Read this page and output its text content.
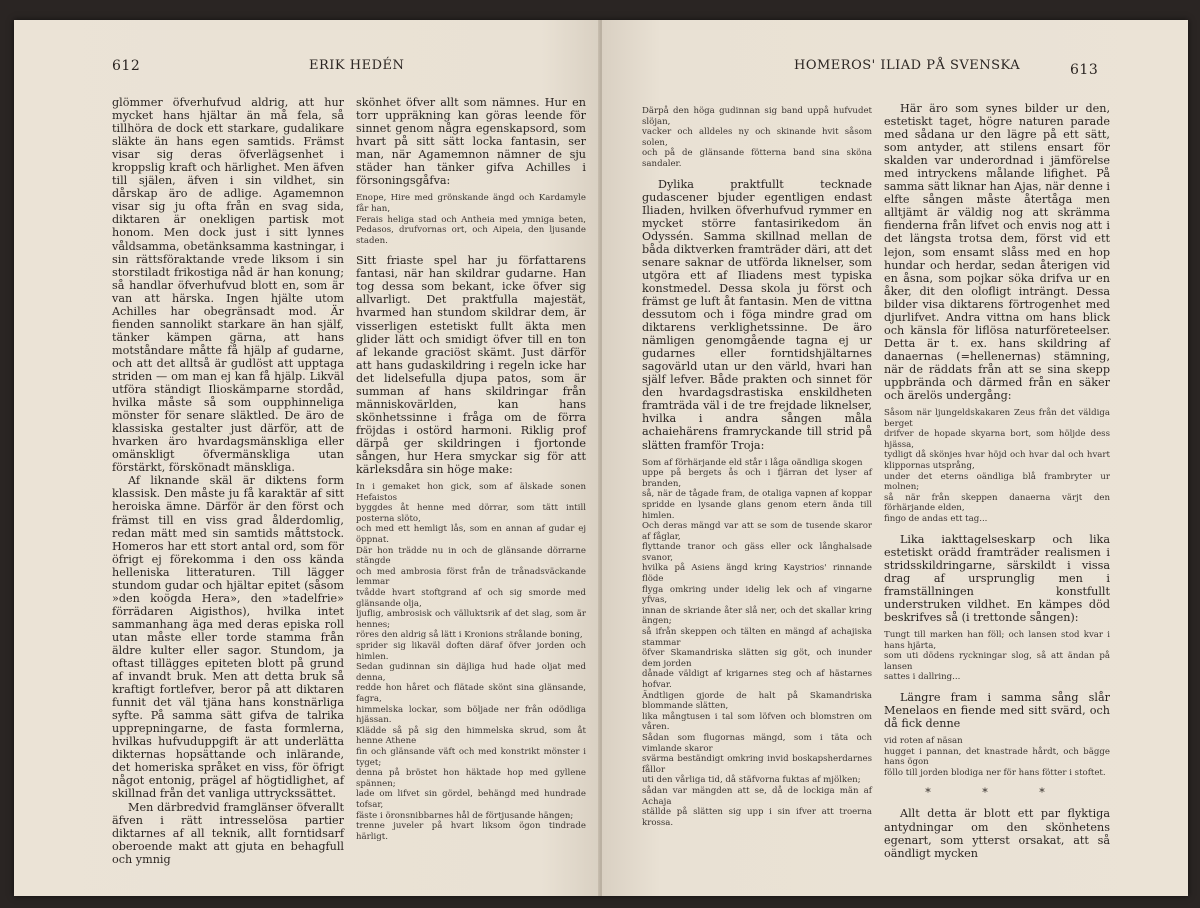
612	ERIK HEDÉN

glömmer öfverhufvud aldrig, att hur mycket hans hjältar än må fela, så tillhöra de dock ett starkare, gudalikare släkte än hans egen samtids. Främst visar sig deras öfverlägsenhet i kroppslig kraft och härlighet. Men äfven till själen, äfven i sin vildhet, sin dårskap äro de adlige. Agamemnon visar sig ju ofta från en svag sida, diktaren är onekligen partisk mot honom. Men dock just i sitt lynnes våldsamma, obetänksamma kastningar, i sin rättsföraktande vrede liksom i sin storstiladt frikostiga nåd är han konung; så handlar öfverhufvud blott en, som är van att härska. Ingen hjälte utom Achilles har obegränsadt mod. Är fienden sannolikt starkare än han själf, tänker kämpen gärna, att hans motståndare måtte få hjälp af gudarne, och att det alltså är gudlöst att upptaga striden — om man ej kan få hjälp. Likväl utföra ständigt Ilioskämparne stordåd, hvilka måste så som oupphinneliga mönster för senare släktled. De äro de klassiska gestalter just därför, att de hvarken äro hvardagsmänskliga eller omänskligt öfvermänskliga utan förstärkt, förskönadt mänskliga.

Af liknande skäl är diktens form klassisk. Den måste ju få karaktär af sitt heroiska ämne. Därför är den först och främst till en viss grad ålderdomlig, redan mätt med sin samtids måttstock. Homeros har ett stort antal ord, som för öfrigt ej förekomma i den oss kända helleniska litteraturen. Till lägger stundom gudar och hjältar epitet (såsom »den koögda Hera», den »tadelfrie» förrädaren Aigisthos), hvilka intet sammanhang äga med deras episka roll utan måste eller torde stamma från äldre kulter eller sagor. Stundom, ja oftast tillägges epiteten blott på grund af invandt bruk. Men att detta bruk så kraftigt fortlefver, beror på att diktaren funnit det väl tjäna hans konstnärliga syfte. På samma sätt gifva de talrika upprepningarne, de fasta formlerna, hvilkas hufvuduppgift är att underlätta dikternas hopsättande och inlärande, det homeriska språket en viss, för öfrigt något entonig, prägel af högtidlighet, af skillnad från det vanliga uttryckssättet.

Men därbredvid framglänser öfverallt äfven i rätt intresselösa partier diktarnes af all teknik, allt forntidsarf oberoende makt att gjuta en behagfull och ymnig

skönhet öfver allt som nämnes. Hur en torr uppräkning kan göras leende för sinnet genom några egenskapsord, som hvart på sitt sätt locka fantasin, ser man, när Agamemnon nämner de sju städer han tänker gifva Achilles i försoningsgåfva:

Enope, Hire med grönskande ängd och Kardamyle får han,
Ferais heliga stad och Antheia med ymniga beten, Pedasos, drufvornas ort, och Aipeia, den ljusande staden.

Sitt friaste spel har ju författarens fantasi, när han skildrar gudarne. Han tog dessa som bekant, icke öfver sig allvarligt. Det praktfulla majestät, hvarmed han stundom skildrar dem, är visserligen estetiskt fullt äkta men glider lätt och smidigt öfver till en ton af lekande graciöst skämt. Just därför att hans gudaskildring i regeln icke har det lidelsefulla djupa patos, som är summan af hans skildringar från människovärlden, kan hans skönhetssinne i fråga om de förra fröjdas i ostörd harmoni. Riklig prof därpå ger skildringen i fjortonde sången, hur Hera smyckar sig för att kärleksdåra sin höge make:

In i gemaket hon gick, som af älskade sonen Hefaistos
byggdes åt henne med dörrar, som tätt intill posterna slöto,
och med ett hemligt lås, som en annan af gudar ej öppnat.
Där hon trädde nu in och de glänsande dörrarne stängde
och med ambrosia först från de trånadsväckande lemmar
tvådde hvart stoftgrand af och sig smorde med glänsande olja,
ljuflig, ambrosisk och välluktsrik af det slag, som är hennes;
röres den aldrig så lätt i Kronions strålande boning,
sprider sig likaväl doften däraf öfver jorden och himlen.
Sedan gudinnan sin däjliga hud hade oljat med denna,
redde hon håret och flätade skönt sina glänsande, fagra,
himmelska lockar, som böljade ner från odödliga hjässan.
Klädde så på sig den himmelska skrud, som åt henne Athene
fin och glänsande väft och med konstrikt mönster i tyget;
denna på bröstet hon häktade hop med gyllene spännen;
lade om lifvet sin gördel, behängd med hundrade tofsar,
fäste i öronsnibbarnes hål de förtjusande hängen;
trenne juveler på hvart liksom ögon tindrade härligt.
HOMEROS' ILIAD PÅ SVENSKA	613
Därpå den höga gudinnan sig band uppå hufvudet slöjan,
vacker och alldeles ny och skinande hvit såsom solen,
och på de glänsande fötterna band sina sköna sandaler.

Dylika praktfullt tecknade gudascener bjuder egentligen endast Iliaden, hvilken öfverhufvud rymmer en mycket större fantasirikedom än Odyssén. Samma skillnad mellan de båda diktverken framträder däri, att det senare saknar de utförda liknelser, som utgöra ett af Iliadens mest typiska konstmedel. Dessa skola ju först och främst ge luft åt fantasin. Men de vittna dessutom och i föga mindre grad om diktarens verklighetssinne. De äro nämligen genomgående tagna ej ur gudarnes eller forntidshjältarnes sagovärld utan ur den värld, hvari han själf lefver. Både prakten och sinnet för den hvardagsdrastiska enskildheten framträda väl i de tre frejdade liknelser, hvilka i andra sången måla achaiehärens framryckande till strid på slätten framför Troja:

Som af förhärjande eld står i låga oändliga skogen
uppe på bergets ås och i fjärran det lyser af branden,
så, när de tågade fram, de otaliga vapnen af koppar spridde en lysande glans genom etern ända till himlen.
Och deras mängd var att se som de tusende skaror af fåglar,
flyttande tranor och gäss eller ock långhalsade svanor,
hvilka på Asiens ängd kring Kaystrios' rinnande flöde
flyga omkring under idelig lek och af vingarne yfvas,
innan de skriande åter slå ner, och det skallar kring ängen;
så ifrån skeppen och tälten en mängd af achajiska stammar
öfver Skamandriska slätten sig göt, och inunder dem jorden
dånade väldigt af krigarnes steg och af hästarnes hofvar.
Ändtligen gjorde de halt på Skamandriska blommande slätten,
lika mångtusen i tal som löfven och blomstren om våren.
Sådan som flugornas mängd, som i täta och vimlande skaror
svärma beständigt omkring invid boskapsherdarnes fållor
uti den vårliga tid, då stäfvorna fuktas af mjölken;
sådan var mängden att se, då de lockiga män af Achaja
ställde på slätten sig upp i sin ifver att troerna krossa.

Här äro som synes bilder ur den, estetiskt taget, högre naturen parade med sådana ur den lägre på ett sätt, som antyder, att stilens ensart för skalden var underordnad i jämförelse med intryckens målande lifighet. På samma sätt liknar han Ajas, när denne i elfte sången måste återtåga men alltjämt är väldig nog att skrämma fienderna från lifvet och envis nog att i det längsta trotsa dem, först vid ett lejon, som ensamt slåss med en hop hundar och herdar, sedan återigen vid en åsna, som pojkar söka drifva ur en åker, dit den olofligt inträngt. Dessa bilder visa diktarens förtrogenhet med djurlifvet. Andra vittna om hans blick och känsla för liflösa naturföreteelser. Detta är t. ex. hans skildring af danaernas (=hellenernas) stämning, när de räddats från att se sina skepp uppbrända och därmed från en säker och ärelös undergång:

Såsom när ljungeldskakaren Zeus från det väldiga berget
drifver de hopade skyarna bort, som höljde dess hjässa,
tydligt då skönjes hvar höjd och hvar dal och hvart klippornas utsprång,
under det eterns oändliga blå frambryter ur molnen;
så när från skeppen danaerna värjt den förhärjande elden,
fingo de andas ett tag...

Lika iakttagelseskarp och lika estetiskt orädd framträder realismen i stridsskildringarne, särskildt i vissa drag af ursprunglig men i framställningen konstfullt understruken vildhet. En kämpes död beskrifves så (i trettonde sången):

Tungt till marken han föll; och lansen stod kvar i hans hjärta,
som uti dödens ryckningar slog, så att ändan på lansen
sattes i dallring...

Längre fram i samma sång slår Menelaos en fiende med sitt svärd, och då fick denne

vid roten af näsan
hugget i pannan, det knastrade hårdt, och bägge hans ögon
föllo till jorden blodiga ner för hans fötter i stoftet.
* * *

Allt detta är blott ett par flyktiga antydningar om den skönhetens egenart, som ytterst orsakat, att så oändligt mycken
